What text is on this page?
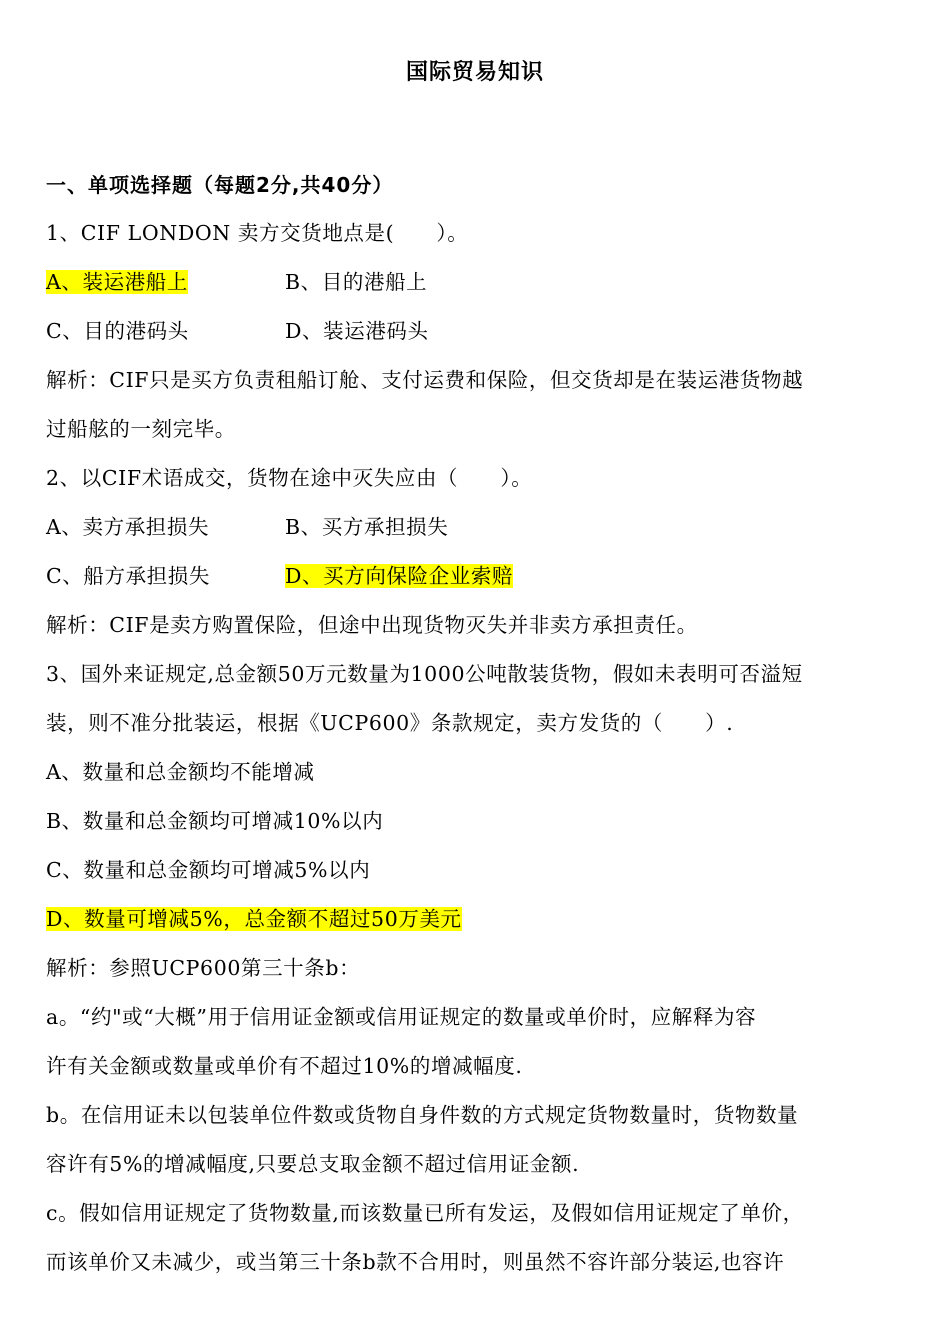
国际贸易知识
一、单项选择题（每题2分,共40分）
1、CIF LONDON 卖方交货地点是(　　）。
A、装运港船上	B、目的港船上
C、目的港码头	D、装运港码头
解析：CIF只是买方负责租船订舱、支付运费和保险，但交货却是在装运港货物越
过船舷的一刻完毕。
2、以CIF术语成交，货物在途中灭失应由（　　）。
A、卖方承担损失	B、买方承担损失
C、船方承担损失	D、买方向保险企业索赔
解析：CIF是卖方购置保险，但途中出现货物灭失并非卖方承担责任。
3、国外来证规定,总金额50万元数量为1000公吨散装货物，假如未表明可否溢短
装，则不准分批装运，根据《UCP600》条款规定，卖方发货的（　　）.
A、数量和总金额均不能增减
B、数量和总金额均可增减10%以内
C、数量和总金额均可增减5%以内
D、数量可增减5%，总金额不超过50万美元
解析：参照UCP600第三十条b：
a。“约"或“大概”用于信用证金额或信用证规定的数量或单价时，应解释为容
许有关金额或数量或单价有不超过10%的增减幅度.
b。在信用证未以包装单位件数或货物自身件数的方式规定货物数量时，货物数量
容许有5%的增减幅度,只要总支取金额不超过信用证金额.
c。假如信用证规定了货物数量,而该数量已所有发运，及假如信用证规定了单价，
而该单价又未减少，或当第三十条b款不合用时，则虽然不容许部分装运,也容许
